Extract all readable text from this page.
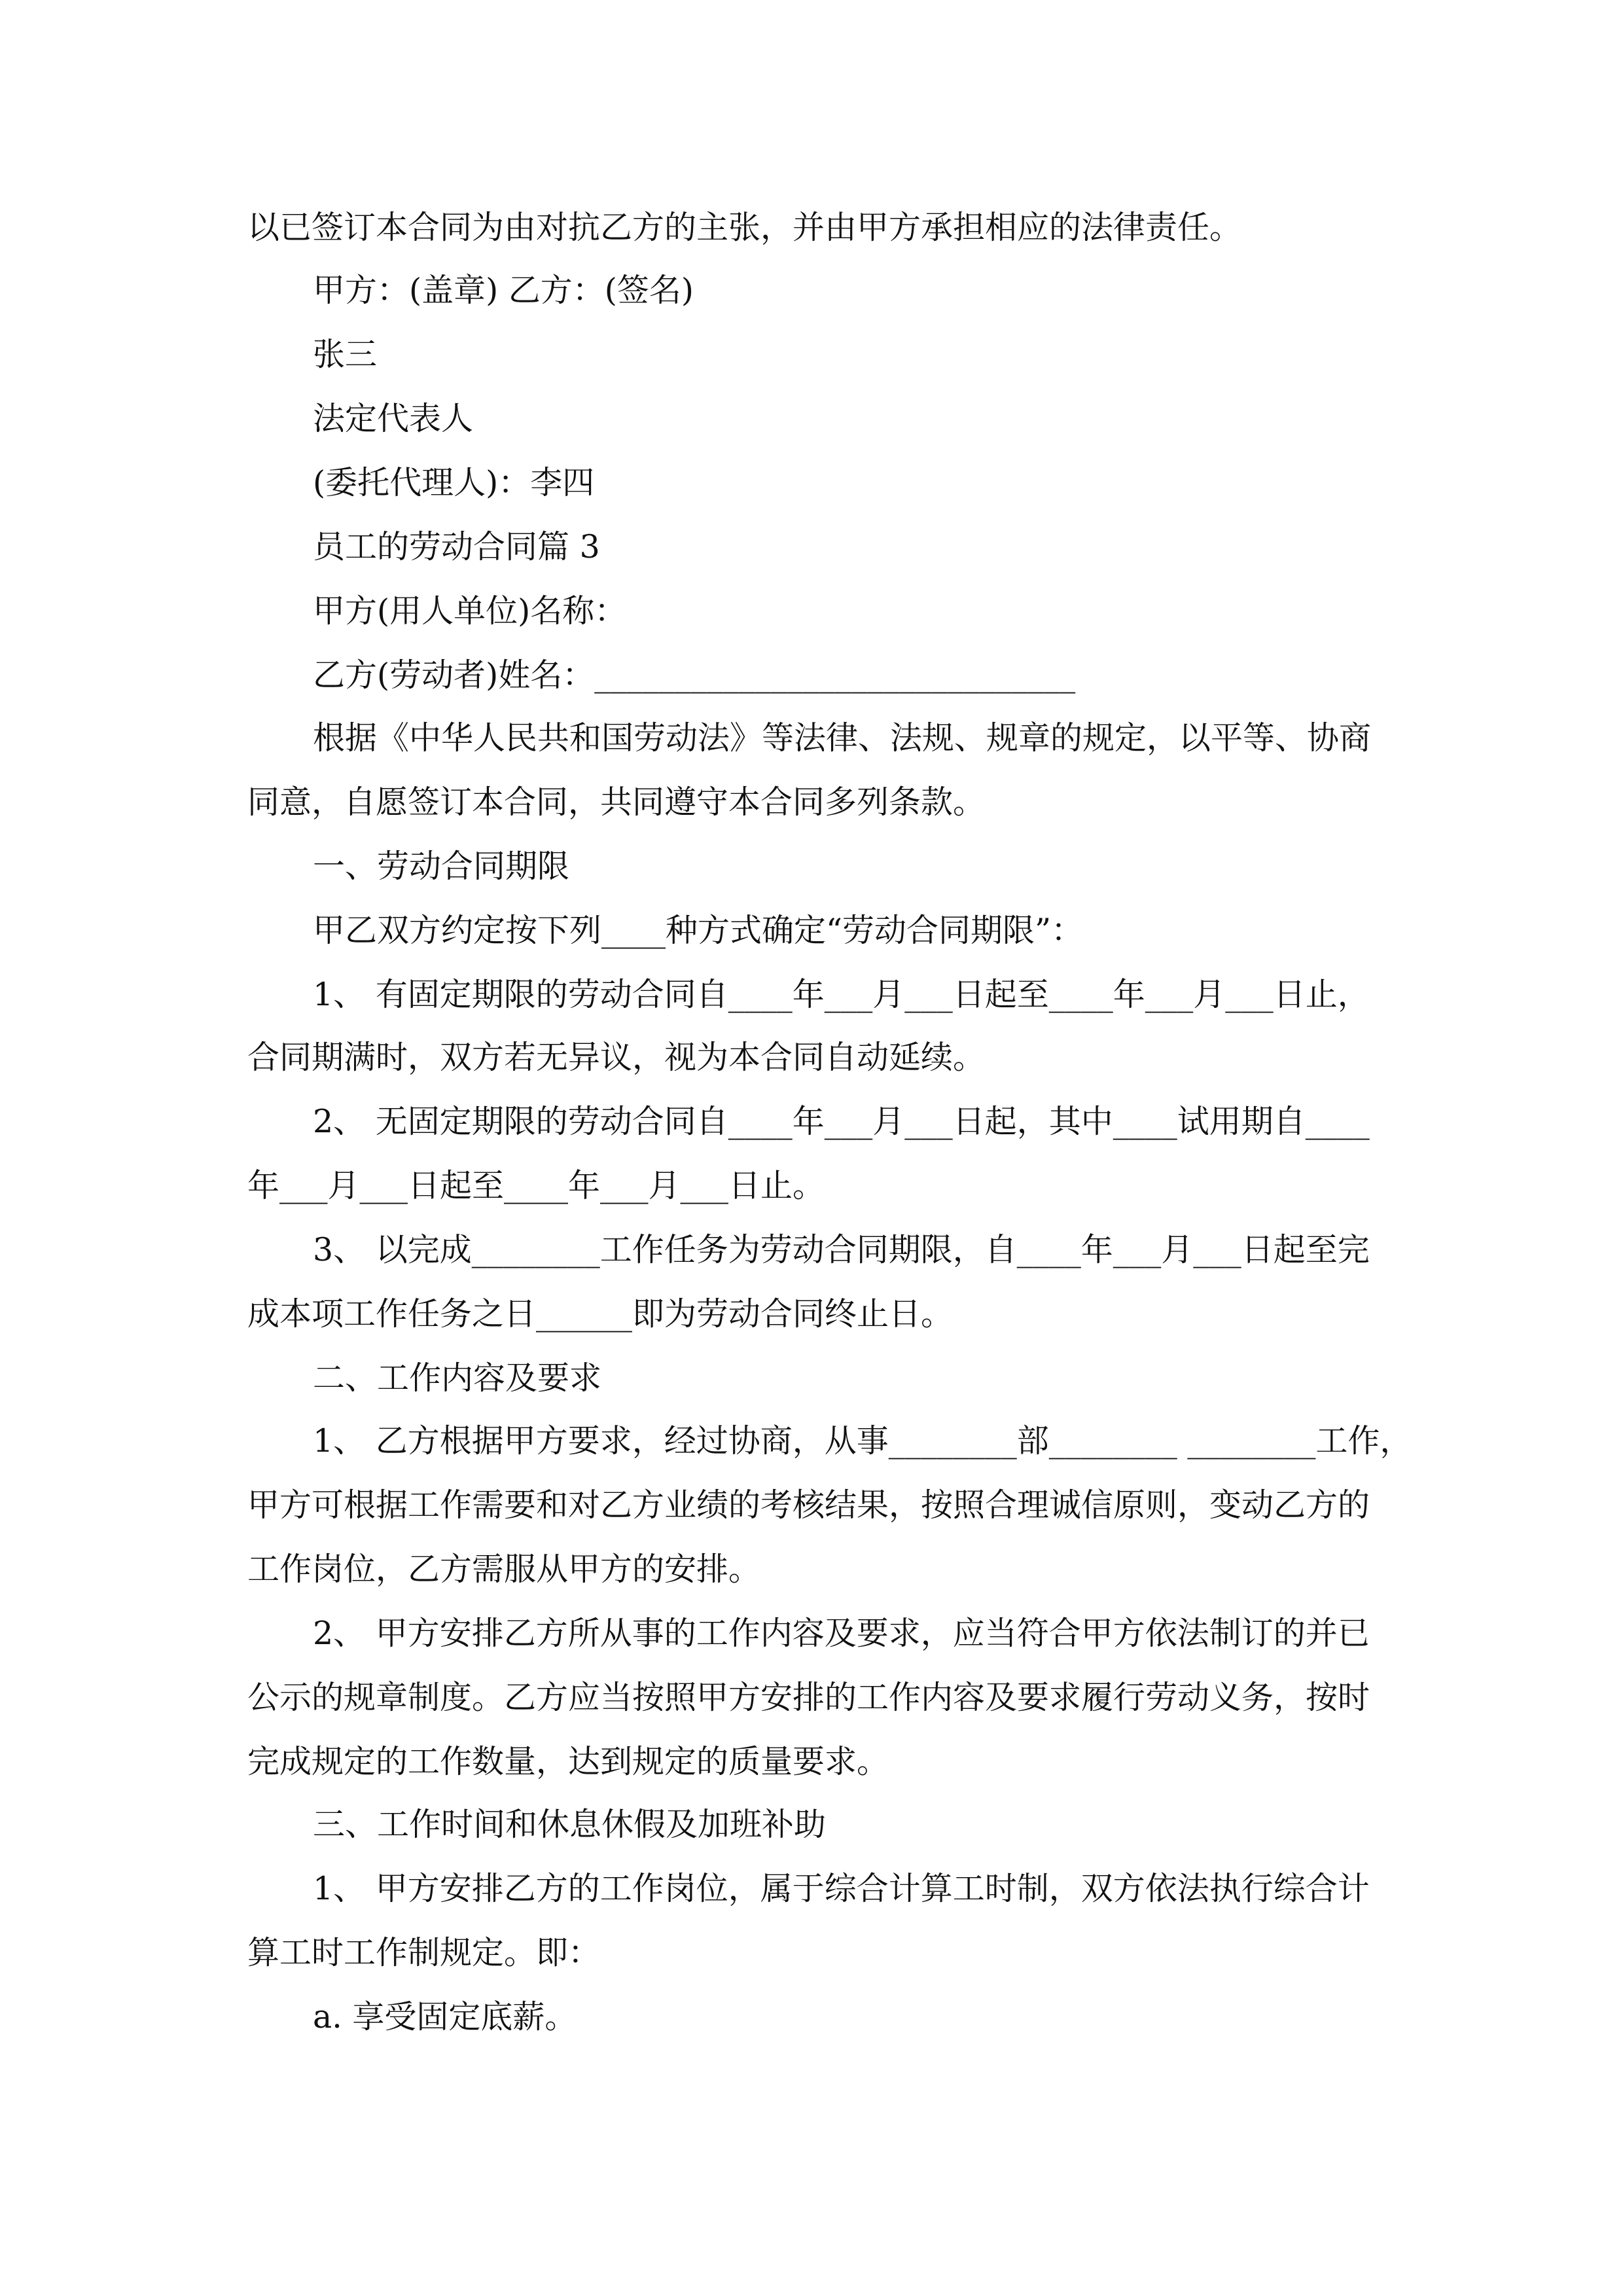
以已签订本合同为由对抗乙方的主张，并由甲方承担相应的法律责任。
甲方：(盖章) 乙方：(签名)
张三
法定代表人
(委托代理人)：李四
员工的劳动合同篇 3
甲方(用人单位)名称：
乙方(劳动者)姓名：______________________________
根据《中华人民共和国劳动法》等法律、法规、规章的规定，以平等、协商
同意，自愿签订本合同，共同遵守本合同多列条款。
一、劳动合同期限
甲乙双方约定按下列____种方式确定“劳动合同期限”：
1、 有固定期限的劳动合同自____年___月___日起至____年___月___日止，
合同期满时，双方若无异议，视为本合同自动延续。
2、 无固定期限的劳动合同自____年___月___日起，其中____试用期自____
年___月___日起至____年___月___日止。
3、 以完成________工作任务为劳动合同期限，自____年___月___日起至完
成本项工作任务之日______即为劳动合同终止日。
二、工作内容及要求
1、 乙方根据甲方要求，经过协商，从事________部________ ________工作，
甲方可根据工作需要和对乙方业绩的考核结果，按照合理诚信原则，变动乙方的
工作岗位，乙方需服从甲方的安排。
2、 甲方安排乙方所从事的工作内容及要求，应当符合甲方依法制订的并已
公示的规章制度。乙方应当按照甲方安排的工作内容及要求履行劳动义务，按时
完成规定的工作数量，达到规定的质量要求。
三、工作时间和休息休假及加班补助
1、 甲方安排乙方的工作岗位，属于综合计算工时制，双方依法执行综合计
算工时工作制规定。即：
a. 享受固定底薪。
